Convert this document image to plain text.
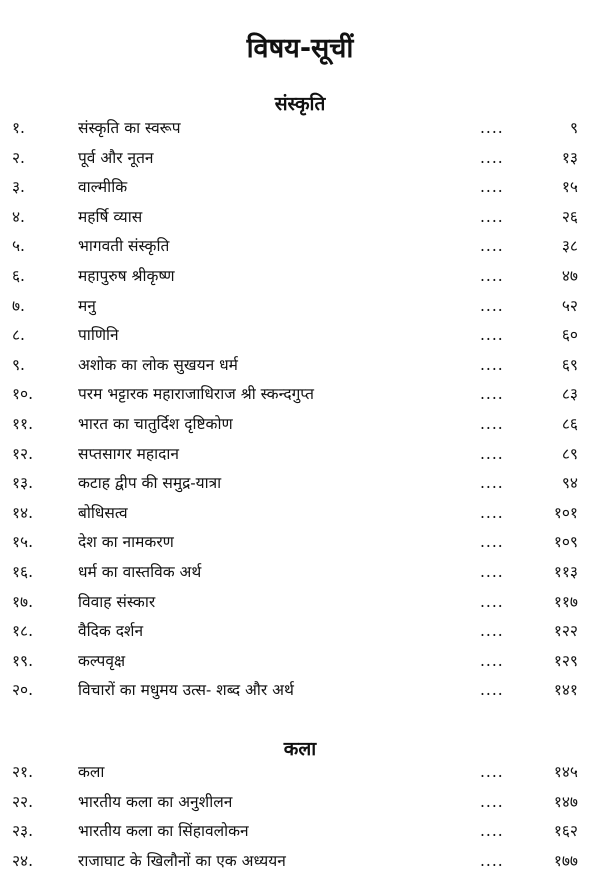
विषय-सूचीं
संस्कृति
१.	संस्कृति का स्वरूप	....	९
२.	पूर्व और नूतन	....	१३
३.	वाल्मीकि	....	१५
४.	महर्षि व्यास	....	२६
५.	भागवती संस्कृति	....	३८
६.	महापुरुष श्रीकृष्ण	....	४७
७.	मनु	....	५२
८.	पाणिनि	....	६०
९.	अशोक का लोक सुखयन धर्म	....	६९
१०.	परम भट्टारक महाराजाधिराज श्री स्कन्दगुप्त	....	८३
११.	भारत का चातुर्दिश दृष्टिकोण	....	८६
१२.	सप्तसागर महादान	....	८९
१३.	कटाह द्वीप की समुद्र-यात्रा	....	९४
१४.	बोधिसत्व	....	१०१
१५.	देश का नामकरण	....	१०९
१६.	धर्म का वास्तविक अर्थ	....	११३
१७.	विवाह संस्कार	....	११७
१८.	वैदिक दर्शन	....	१२२
१९.	कल्पवृक्ष	....	१२९
२०.	विचारों का मधुमय उत्स- शब्द और अर्थ	....	१४१
कला
२१.	कला	....	१४५
२२.	भारतीय कला का अनुशीलन	....	१४७
२३.	भारतीय कला का सिंहावलोकन	....	१६२
२४.	राजाघाट के खिलौनों का एक अध्ययन	....	१७७
